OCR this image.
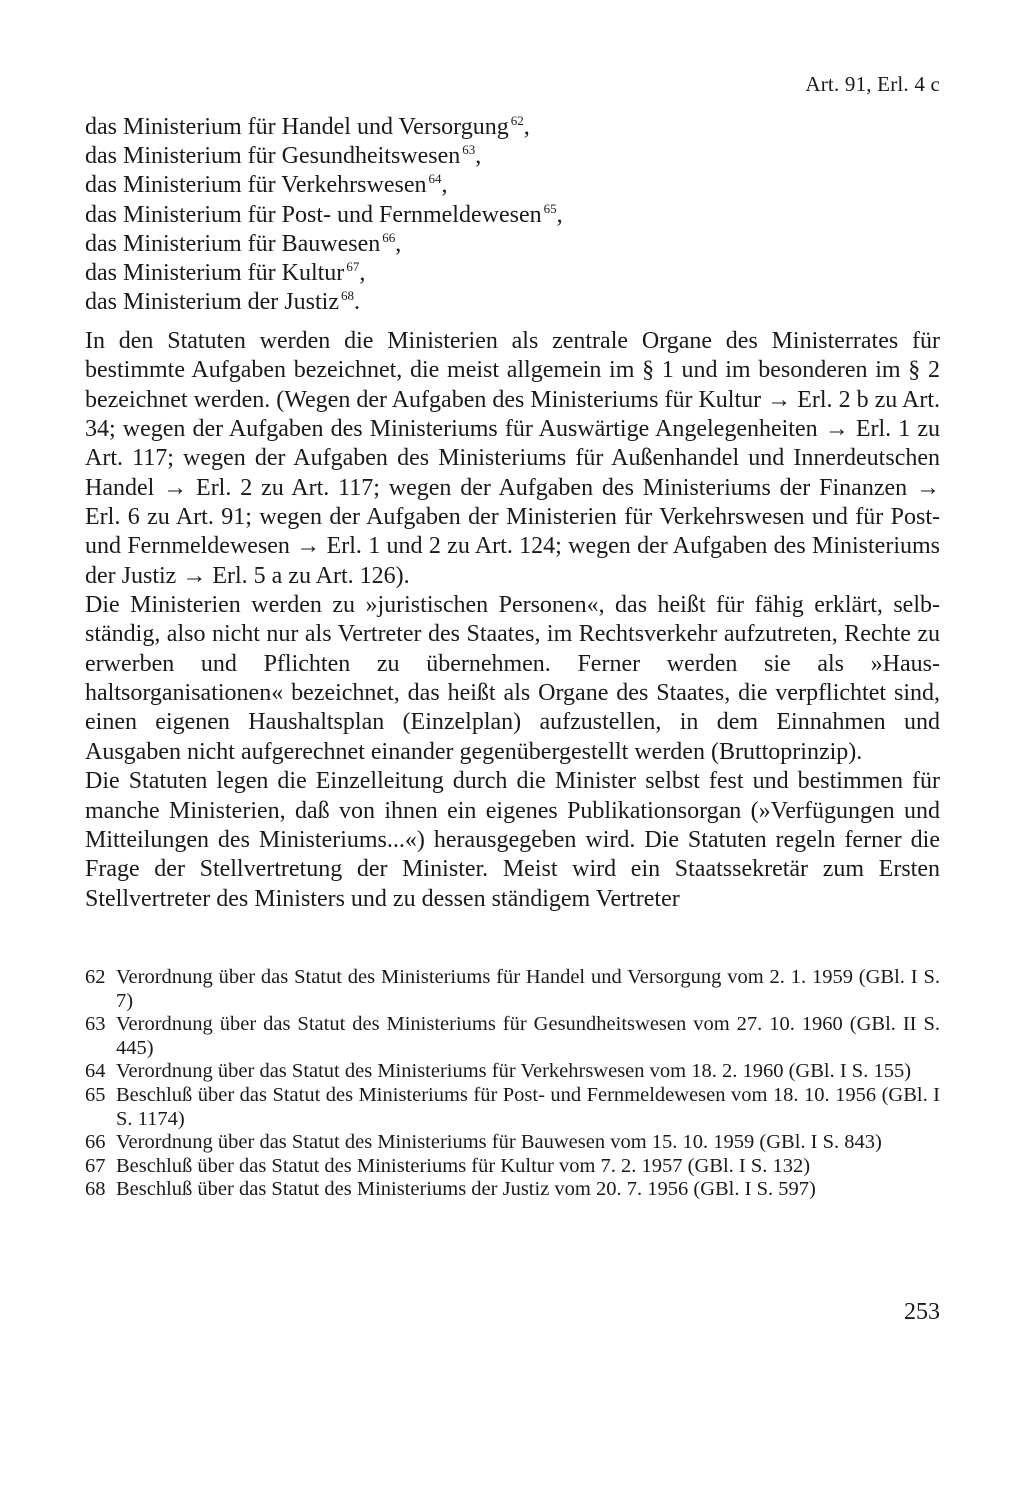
Art. 91, Erl. 4 c
das Ministerium für Handel und Versorgung $^{62}$,
das Ministerium für Gesundheitswesen $^{63}$,
das Ministerium für Verkehrswesen $^{64}$,
das Ministerium für Post- und Fernmeldewesen $^{65}$,
das Ministerium für Bauwesen $^{66}$,
das Ministerium für Kultur $^{67}$,
das Ministerium der Justiz $^{68}$.

In den Statuten werden die Ministerien als zentrale Organe des Ministerrates für bestimmte Aufgaben bezeichnet, die meist allgemein im § 1 und im besonderen im § 2 bezeichnet werden. (Wegen der Aufgaben des Ministeriums für Kultur → Erl. 2 b zu Art. 34; wegen der Aufgaben des Ministeriums für Auswärtige Angelegenheiten → Erl. 1 zu Art. 117; wegen der Aufgaben des Ministeriums für Außenhandel und Innerdeutschen Handel → Erl. 2 zu Art. 117; wegen der Aufgaben des Ministeriums der Finanzen → Erl. 6 zu Art. 91; wegen der Aufgaben der Ministerien für Verkehrswesen und für Post- und Fernmeldewesen → Erl. 1 und 2 zu Art. 124; wegen der Aufgaben des Ministeriums der Justiz → Erl. 5 a zu Art. 126).

Die Ministerien werden zu »juristischen Personen«, das heißt für fähig erklärt, selbständig, also nicht nur als Vertreter des Staates, im Rechtsverkehr aufzutreten, Rechte zu erwerben und Pflichten zu übernehmen. Ferner werden sie als »Haushaltsorganisationen« bezeichnet, das heißt als Organe des Staates, die verpflichtet sind, einen eigenen Haushaltsplan (Einzelplan) aufzustellen, in dem Einnahmen und Ausgaben nicht aufgerechnet einander gegenübergestellt werden (Bruttoprinzip).

Die Statuten legen die Einzelleitung durch die Minister selbst fest und bestimmen für manche Ministerien, daß von ihnen ein eigenes Publikationsorgan (»Verfügungen und Mitteilungen des Ministeriums...«) herausgegeben wird. Die Statuten regeln ferner die Frage der Stellvertretung der Minister. Meist wird ein Staatssekretär zum Ersten Stellvertreter des Ministers und zu dessen ständigem Vertreter

62 Verordnung über das Statut des Ministeriums für Handel und Versorgung vom 2. 1. 1959 (GBl. I S. 7)
63 Verordnung über das Statut des Ministeriums für Gesundheitswesen vom 27. 10. 1960 (GBl. II S. 445)
64 Verordnung über das Statut des Ministeriums für Verkehrswesen vom 18. 2. 1960 (GBl. I S. 155)
65 Beschluß über das Statut des Ministeriums für Post- und Fernmeldewesen vom 18. 10. 1956 (GBl. I S. 1174)
66 Verordnung über das Statut des Ministeriums für Bauwesen vom 15. 10. 1959 (GBl. I S. 843)
67 Beschluß über das Statut des Ministeriums für Kultur vom 7. 2. 1957 (GBl. I S. 132)
68 Beschluß über das Statut des Ministeriums der Justiz vom 20. 7. 1956 (GBl. I S. 597)
253
